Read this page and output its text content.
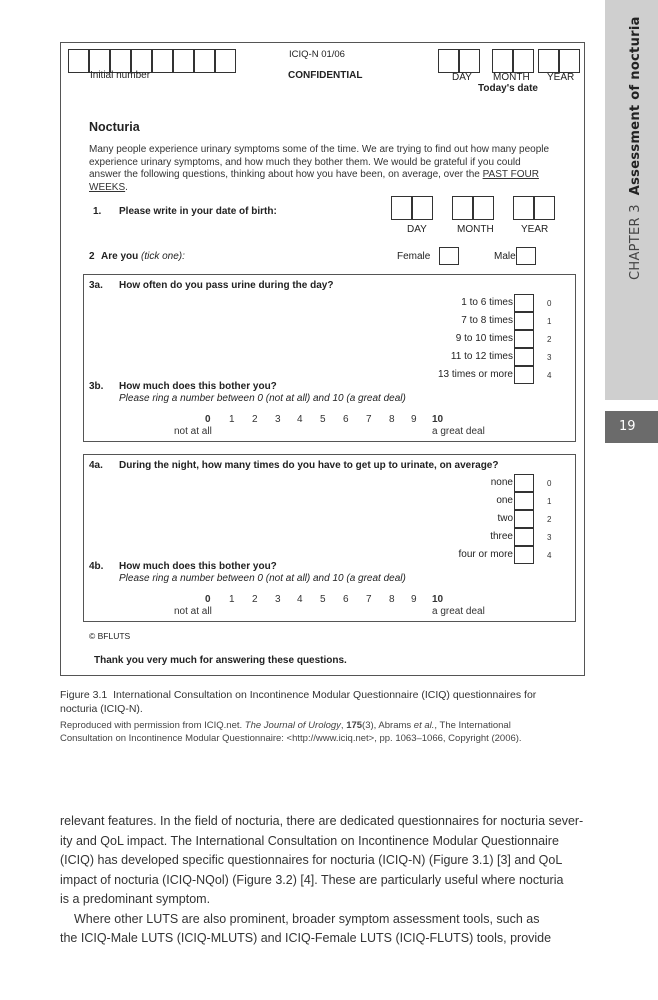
CHAPTER 3  Assessment of nocturia
19
Initial number
ICIQ-N 01/06
CONFIDENTIAL	DAY MONTH YEAR
Today's date
Nocturia
Many people experience urinary symptoms some of the time. We are trying to find out how many people
experience urinary symptoms, and how much they bother them. We would be grateful if you could
answer the following questions, thinking about how you have been, on average, over the PAST FOUR
WEEKS.
1. Please write in your date of birth:
DAY	MONTH	YEAR
2 Are you (tick one):	Female	Male
3a. How often do you pass urine during the day?
1 to 6 times	0
7 to 8 times	1
9 to 10 times	2
11 to 12 times	3
13 times or more	4
3b. How much does this bother you?
Please ring a number between 0 (not at all) and 10 (a great deal)
0 1 2 3 4 5 6 7 8 9 10
not at all	a great deal
4a. During the night, how many times do you have to get up to urinate, on average?
none	0
one	1
two	2
three	3
four or more	4
4b. How much does this bother you?
Please ring a number between 0 (not at all) and 10 (a great deal)
0 1 2 3 4 5 6 7 8 9 10
not at all	a great deal
© BFLUTS
Thank you very much for answering these questions.
Figure 3.1 International Consultation on Incontinence Modular Questionnaire (ICIQ) questionnaires for
nocturia (ICIQ-N).
Reproduced with permission from ICIQ.net. The Journal of Urology, 175(3), Abrams et al., The International
Consultation on Incontinence Modular Questionnaire: <http://www.iciq.net>, pp. 1063–1066, Copyright (2006).
relevant features. In the field of nocturia, there are dedicated questionnaires for nocturia sever-
ity and QoL impact. The International Consultation on Incontinence Modular Questionnaire
(ICIQ) has developed specific questionnaires for nocturia (ICIQ-N) (Figure 3.1) [3] and QoL
impact of nocturia (ICIQ-NQol) (Figure 3.2) [4]. These are particularly useful where nocturia
is a predominant symptom.
Where other LUTS are also prominent, broader symptom assessment tools, such as
the ICIQ-Male LUTS (ICIQ-MLUTS) and ICIQ-Female LUTS (ICIQ-FLUTS) tools, provide
